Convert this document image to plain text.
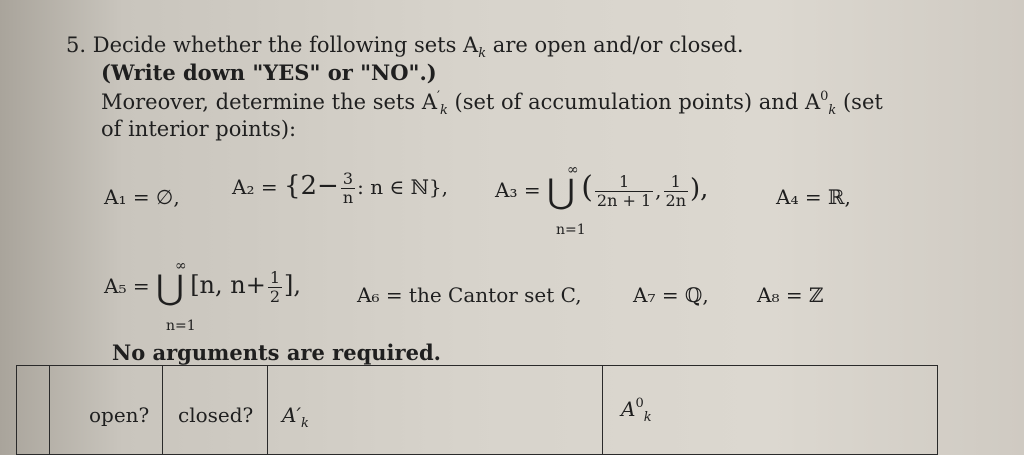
5. Decide whether the following sets $A_k$ are open and/or closed.
(Write down "YES" or "NO".)
Moreover, determine the sets $A'_k$ (set of accumulation points) and $A^0_k$ (set
of interior points):
A₁ = ∅,	$A_2 = \{2- \frac{3}{n}$ : n ∈ ℕ}, A₃ = ⋃ ( $\frac{1}{2n + 1}$ , $\frac{1}{2n}$ ),
∞
n=1
A₄ = ℝ,
A₅ = ⋃ [n, $n+ \frac{1}{2}$ ],
∞
n=1
A₆ = the Cantor set C,	A₇ = ℚ, A₈ = ℤ
No arguments are required.
open? closed? $A'_k$
$A^0_k$
